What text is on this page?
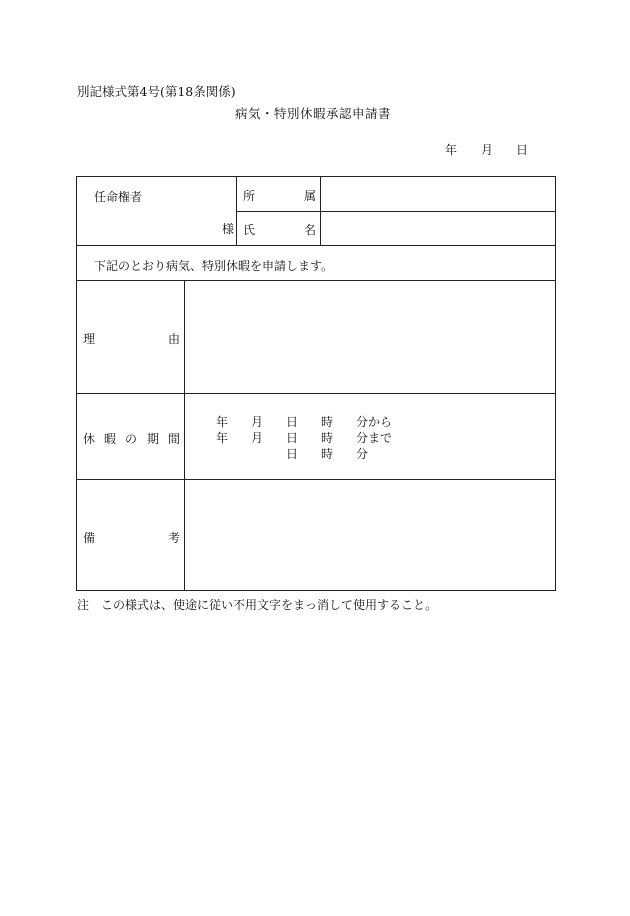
別記様式第4号(第18条関係)
病気・特別休暇承認申請書
年 月 日
任命権者
様
所	属
氏	名
下記のとおり病気、特別休暇を申請します。
理	由
休 暇 の 期 間
年 月 日 時 分から
年 月 日 時 分まで
日 時 分
備	考
注　この様式は、使途に従い不用文字をまっ消して使用すること。
